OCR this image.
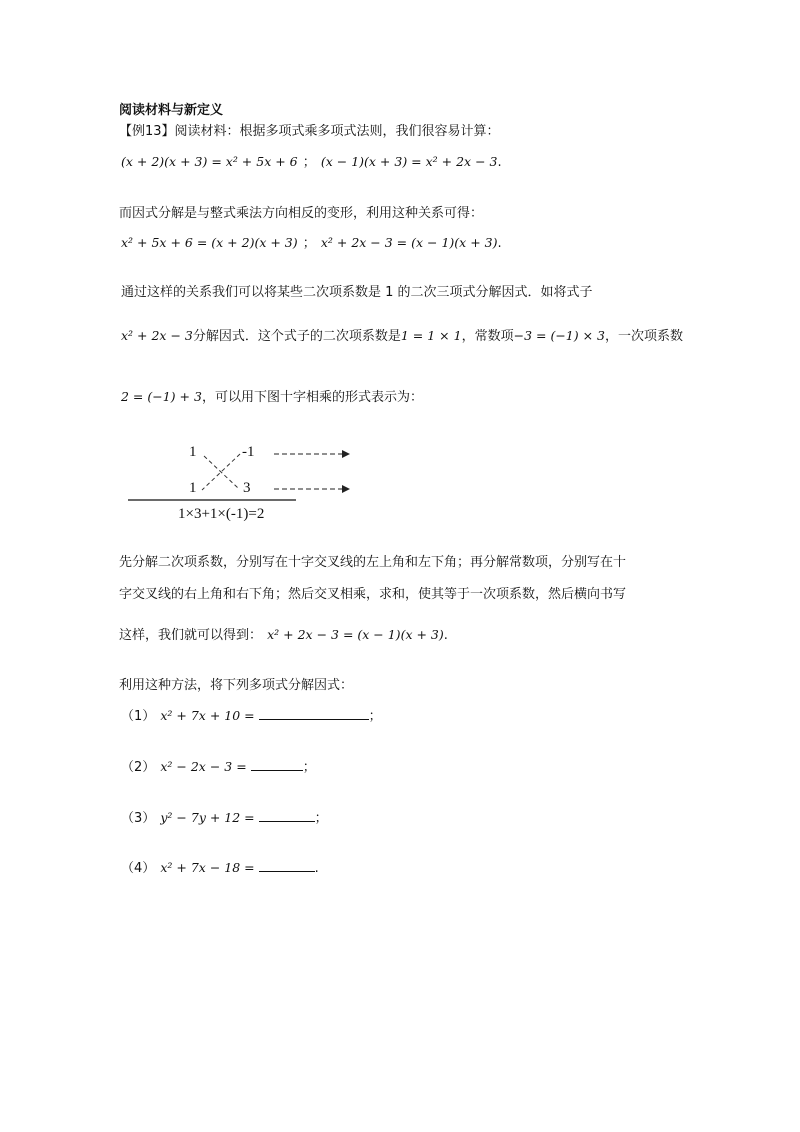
阅读材料与新定义
【例13】阅读材料：根据多项式乘多项式法则，我们很容易计算：
(x + 2)(x + 3) = x² + 5x + 6 ； (x − 1)(x + 3) = x² + 2x − 3.
而因式分解是与整式乘法方向相反的变形，利用这种关系可得：
x² + 5x + 6 = (x + 2)(x + 3) ； x² + 2x − 3 = (x − 1)(x + 3).
通过这样的关系我们可以将某些二次项系数是 1 的二次三项式分解因式．如将式子
x² + 2x − 3分解因式．这个式子的二次项系数是1 = 1 × 1，常数项−3 = (−1) × 3，一次项系数
2 = (−1) + 3，可以用下图十字相乘的形式表示为：
1	-1
1	3
1×3+1×(-1)=2
先分解二次项系数，分别写在十字交叉线的左上角和左下角；再分解常数项，分别写在十
字交叉线的右上角和右下角；然后交叉相乘，求和，使其等于一次项系数，然后横向书写
这样，我们就可以得到： x² + 2x − 3 = (x − 1)(x + 3).
利用这种方法，将下列多项式分解因式：
（1） x² + 7x + 10 =	；
（2） x² − 2x − 3 =	；
（3） y² − 7y + 12 =	；
（4） x² + 7x − 18 =	.
